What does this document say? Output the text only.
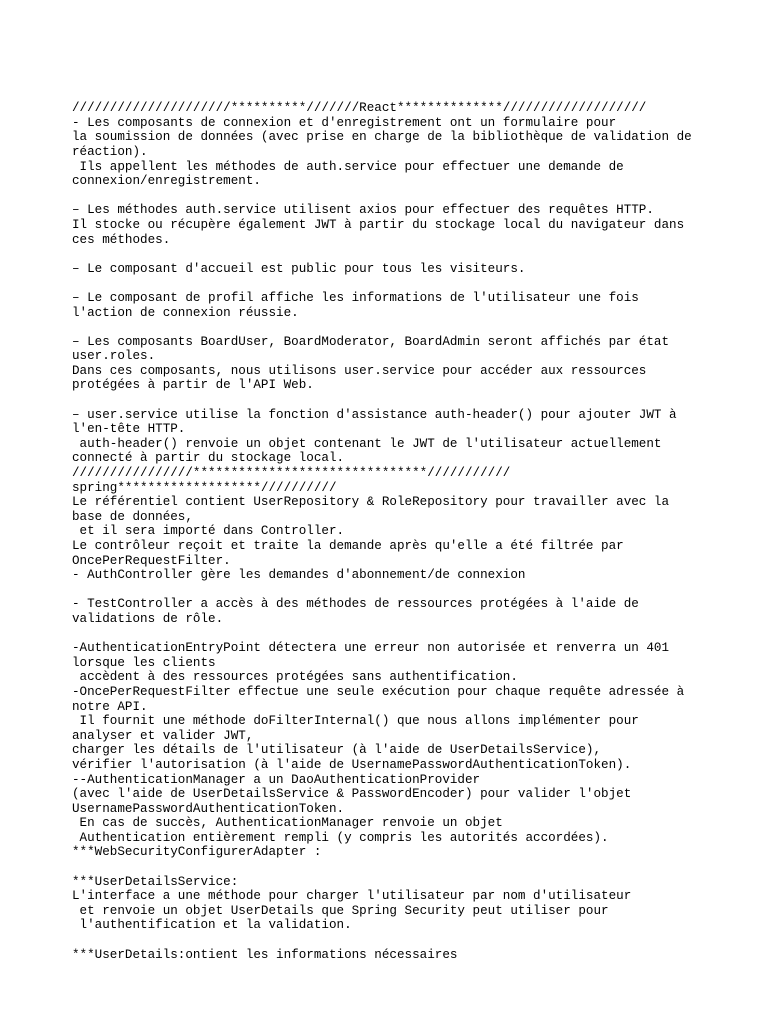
/////////////////////**********///////React**************///////////////////
- Les composants de connexion et d'enregistrement ont un formulaire pour
la soumission de données (avec prise en charge de la bibliothèque de validation de
réaction).
Ils appellent les méthodes de auth.service pour effectuer une demande de
connexion/enregistrement.
– Les méthodes auth.service utilisent axios pour effectuer des requêtes HTTP.
Il stocke ou récupère également JWT à partir du stockage local du navigateur dans
ces méthodes.
– Le composant d'accueil est public pour tous les visiteurs.
– Le composant de profil affiche les informations de l'utilisateur une fois
l'action de connexion réussie.
– Les composants BoardUser, BoardModerator, BoardAdmin seront affichés par état
user.roles.
Dans ces composants, nous utilisons user.service pour accéder aux ressources
protégées à partir de l'API Web.
– user.service utilise la fonction d'assistance auth-header() pour ajouter JWT à
l'en-tête HTTP.
auth-header() renvoie un objet contenant le JWT de l'utilisateur actuellement
connecté à partir du stockage local.
////////////////*******************************///////////
spring*******************//////////
Le référentiel contient UserRepository & RoleRepository pour travailler avec la
base de données,
et il sera importé dans Controller.
Le contrôleur reçoit et traite la demande après qu'elle a été filtrée par
OncePerRequestFilter.
- AuthController gère les demandes d'abonnement/de connexion
- TestController a accès à des méthodes de ressources protégées à l'aide de
validations de rôle.
-AuthenticationEntryPoint détectera une erreur non autorisée et renverra un 401
lorsque les clients
accèdent à des ressources protégées sans authentification.
-OncePerRequestFilter effectue une seule exécution pour chaque requête adressée à
notre API.
Il fournit une méthode doFilterInternal() que nous allons implémenter pour
analyser et valider JWT,
charger les détails de l'utilisateur (à l'aide de UserDetailsService),
vérifier l'autorisation (à l'aide de UsernamePasswordAuthenticationToken).
--AuthenticationManager a un DaoAuthenticationProvider
(avec l'aide de UserDetailsService & PasswordEncoder) pour valider l'objet
UsernamePasswordAuthenticationToken.
En cas de succès, AuthenticationManager renvoie un objet
Authentication entièrement rempli (y compris les autorités accordées).
***WebSecurityConfigurerAdapter :
***UserDetailsService:
L'interface a une méthode pour charger l'utilisateur par nom d'utilisateur
et renvoie un objet UserDetails que Spring Security peut utiliser pour
l'authentification et la validation.
***UserDetails:ontient les informations nécessaires
